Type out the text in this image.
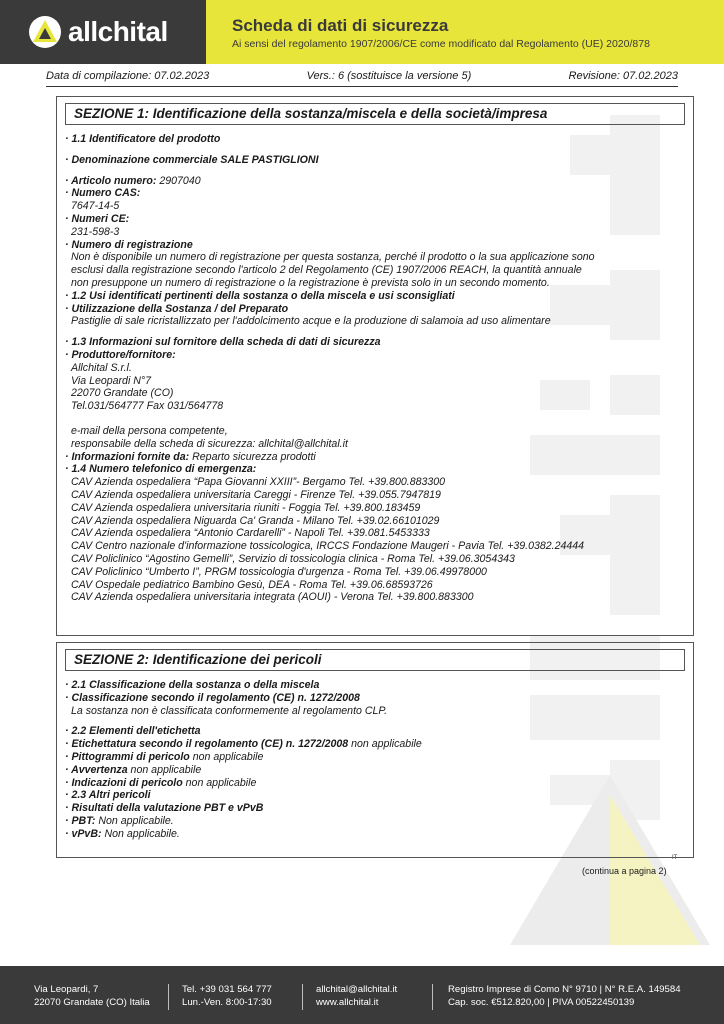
allchital	Scheda di dati di sicurezza
Ai sensi del regolamento 1907/2006/CE come modificato dal Regolamento (UE) 2020/878
Data di compilazione: 07.02.2023	Vers.: 6 (sostituisce la versione 5)	Revisione: 07.02.2023
SEZIONE 1: Identificazione della sostanza/miscela e della società/impresa
· 1.1 Identificatore del prodotto
· Denominazione commerciale SALE PASTIGLIONI
· Articolo numero: 2907040
· Numero CAS:
7647-14-5
· Numeri CE:
231-598-3
· Numero di registrazione
Non è disponibile un numero di registrazione per questa sostanza, perché il prodotto o la sua applicazione sono
esclusi dalla registrazione secondo l'articolo 2 del Regolamento (CE) 1907/2006 REACH, la quantità annuale
non presuppone un numero di registrazione o la registrazione è prevista solo in un secondo momento.
· 1.2 Usi identificati pertinenti della sostanza o della miscela e usi sconsigliati
· Utilizzazione della Sostanza / del Preparato
Pastiglie di sale ricristallizzato per l'addolcimento acque e la produzione di salamoia ad uso alimentare
· 1.3 Informazioni sul fornitore della scheda di dati di sicurezza
· Produttore/fornitore:
Allchital S.r.l.
Via Leopardi N°7
22070 Grandate (CO)
Tel.031/564777 Fax 031/564778
e-mail della persona competente,
responsabile della scheda di sicurezza: allchital@allchital.it
· Informazioni fornite da: Reparto sicurezza prodotti
· 1.4 Numero telefonico di emergenza:
CAV Azienda ospedaliera “Papa Giovanni XXIII”- Bergamo Tel. +39.800.883300
CAV Azienda ospedaliera universitaria Careggi - Firenze Tel. +39.055.7947819
CAV Azienda ospedaliera universitaria riuniti - Foggia Tel. +39.800.183459
CAV Azienda ospedaliera Niguarda Ca' Granda - Milano Tel. +39.02.66101029
CAV Azienda ospedaliera “Antonio Cardarelli” - Napoli Tel. +39.081.5453333
CAV Centro nazionale d'informazione tossicologica, IRCCS Fondazione Maugeri - Pavia Tel. +39.0382.24444
CAV Policlinico “Agostino Gemelli”, Servizio di tossicologia clinica - Roma Tel. +39.06.3054343
CAV Policlinico “Umberto I”, PRGM tossicologia d'urgenza - Roma Tel. +39.06.49978000
CAV Ospedale pediatrico Bambino Gesù, DEA - Roma Tel. +39.06.68593726
CAV Azienda ospedaliera universitaria integrata (AOUI) - Verona Tel. +39.800.883300
SEZIONE 2: Identificazione dei pericoli
· 2.1 Classificazione della sostanza o della miscela
· Classificazione secondo il regolamento (CE) n. 1272/2008
La sostanza non è classificata conformemente al regolamento CLP.
· 2.2 Elementi dell'etichetta
· Etichettatura secondo il regolamento (CE) n. 1272/2008 non applicabile
· Pittogrammi di pericolo non applicabile
· Avvertenza non applicabile
· Indicazioni di pericolo non applicabile
· 2.3 Altri pericoli
· Risultati della valutazione PBT e vPvB
· PBT: Non applicabile.
· vPvB: Non applicabile.
IT
(continua a pagina 2)
Via Leopardi, 7
22070 Grandate (CO) Italia
Tel. +39 031 564 777
Lun.-Ven. 8:00-17:30
allchital@allchital.it
www.allchital.it
Registro Imprese di Como N° 9710 | N° R.E.A. 149584
Cap. soc. €512.820,00 | PIVA 00522450139
